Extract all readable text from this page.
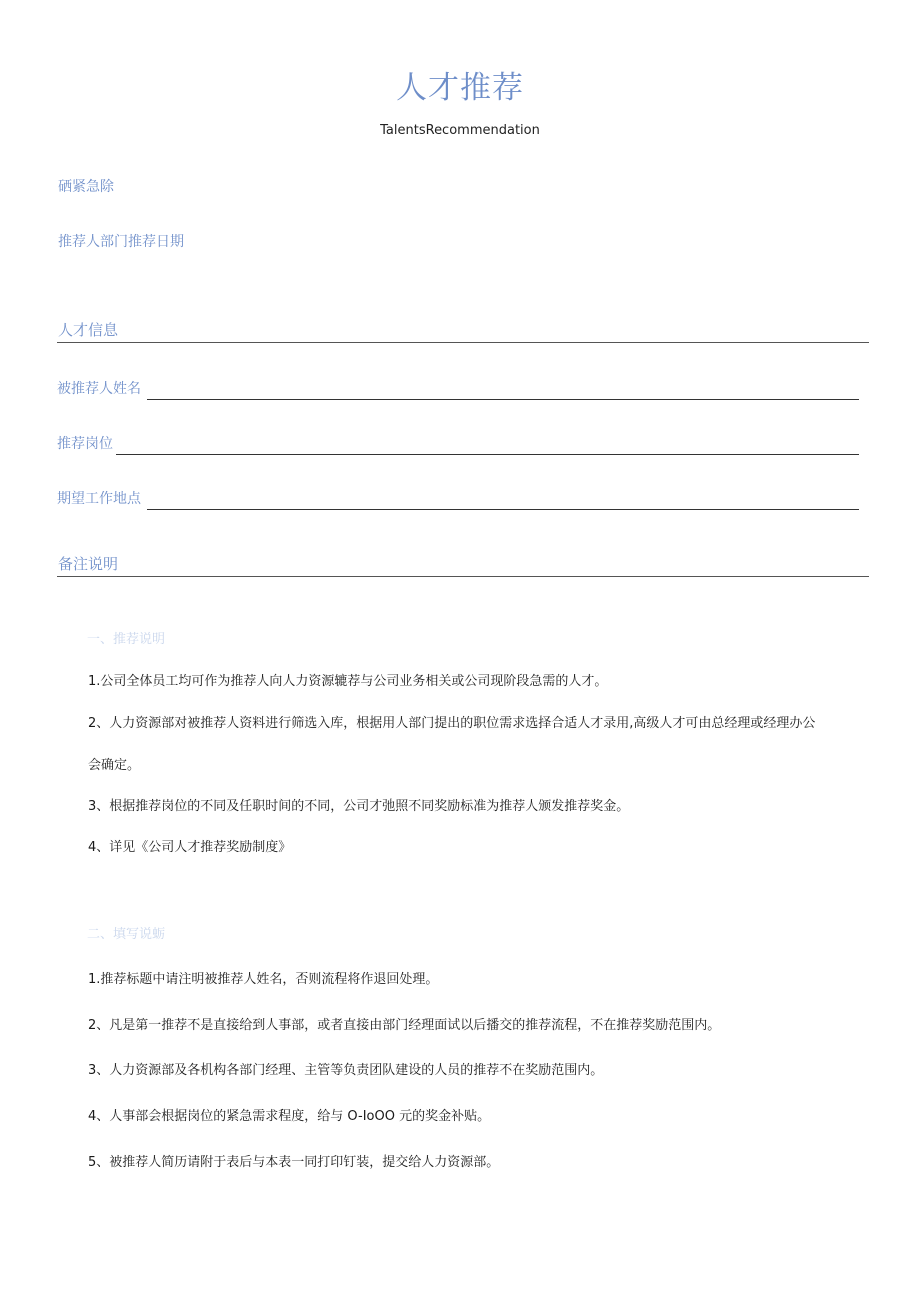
人才推荐
TalentsRecommendation
硒紧急除
推荐人部门推荐日期
人才信息
被推荐人姓名
推荐岗位
期望工作地点
备注说明
一、推荐说明
1.公司全体员工均可作为推荐人向人力资源辘荐与公司业务相关或公司现阶段急需的人才。
2、人力资源部对被推荐人资料进行筛选入库，根据用人部门提出的职位需求选择合适人才录用,高级人才可由总经理或经理办公
会确定。
3、根据推荐岗位的不同及任职时间的不同，公司才弛照不同奖励标准为推荐人颁发推荐奖金。
4、详见《公司人才推荐奖励制度》
二、填写说蛎
1.推荐标题中请注明被推荐人姓名，否则流程将作退回处理。
2、凡是第一推荐不是直接给到人事部，或者直接由部门经理面试以后播交的推荐流程，不在推荐奖励范围内。
3、人力资源部及各机构各部门经理、主管等负责团队建设的人员的推荐不在奖励范围内。
4、人事部会根据岗位的紧急需求程度，给与 O-IoOO 元的奖金补贴。
5、被推荐人简历请附于表后与本表一同打印钉装，提交给人力资源部。
